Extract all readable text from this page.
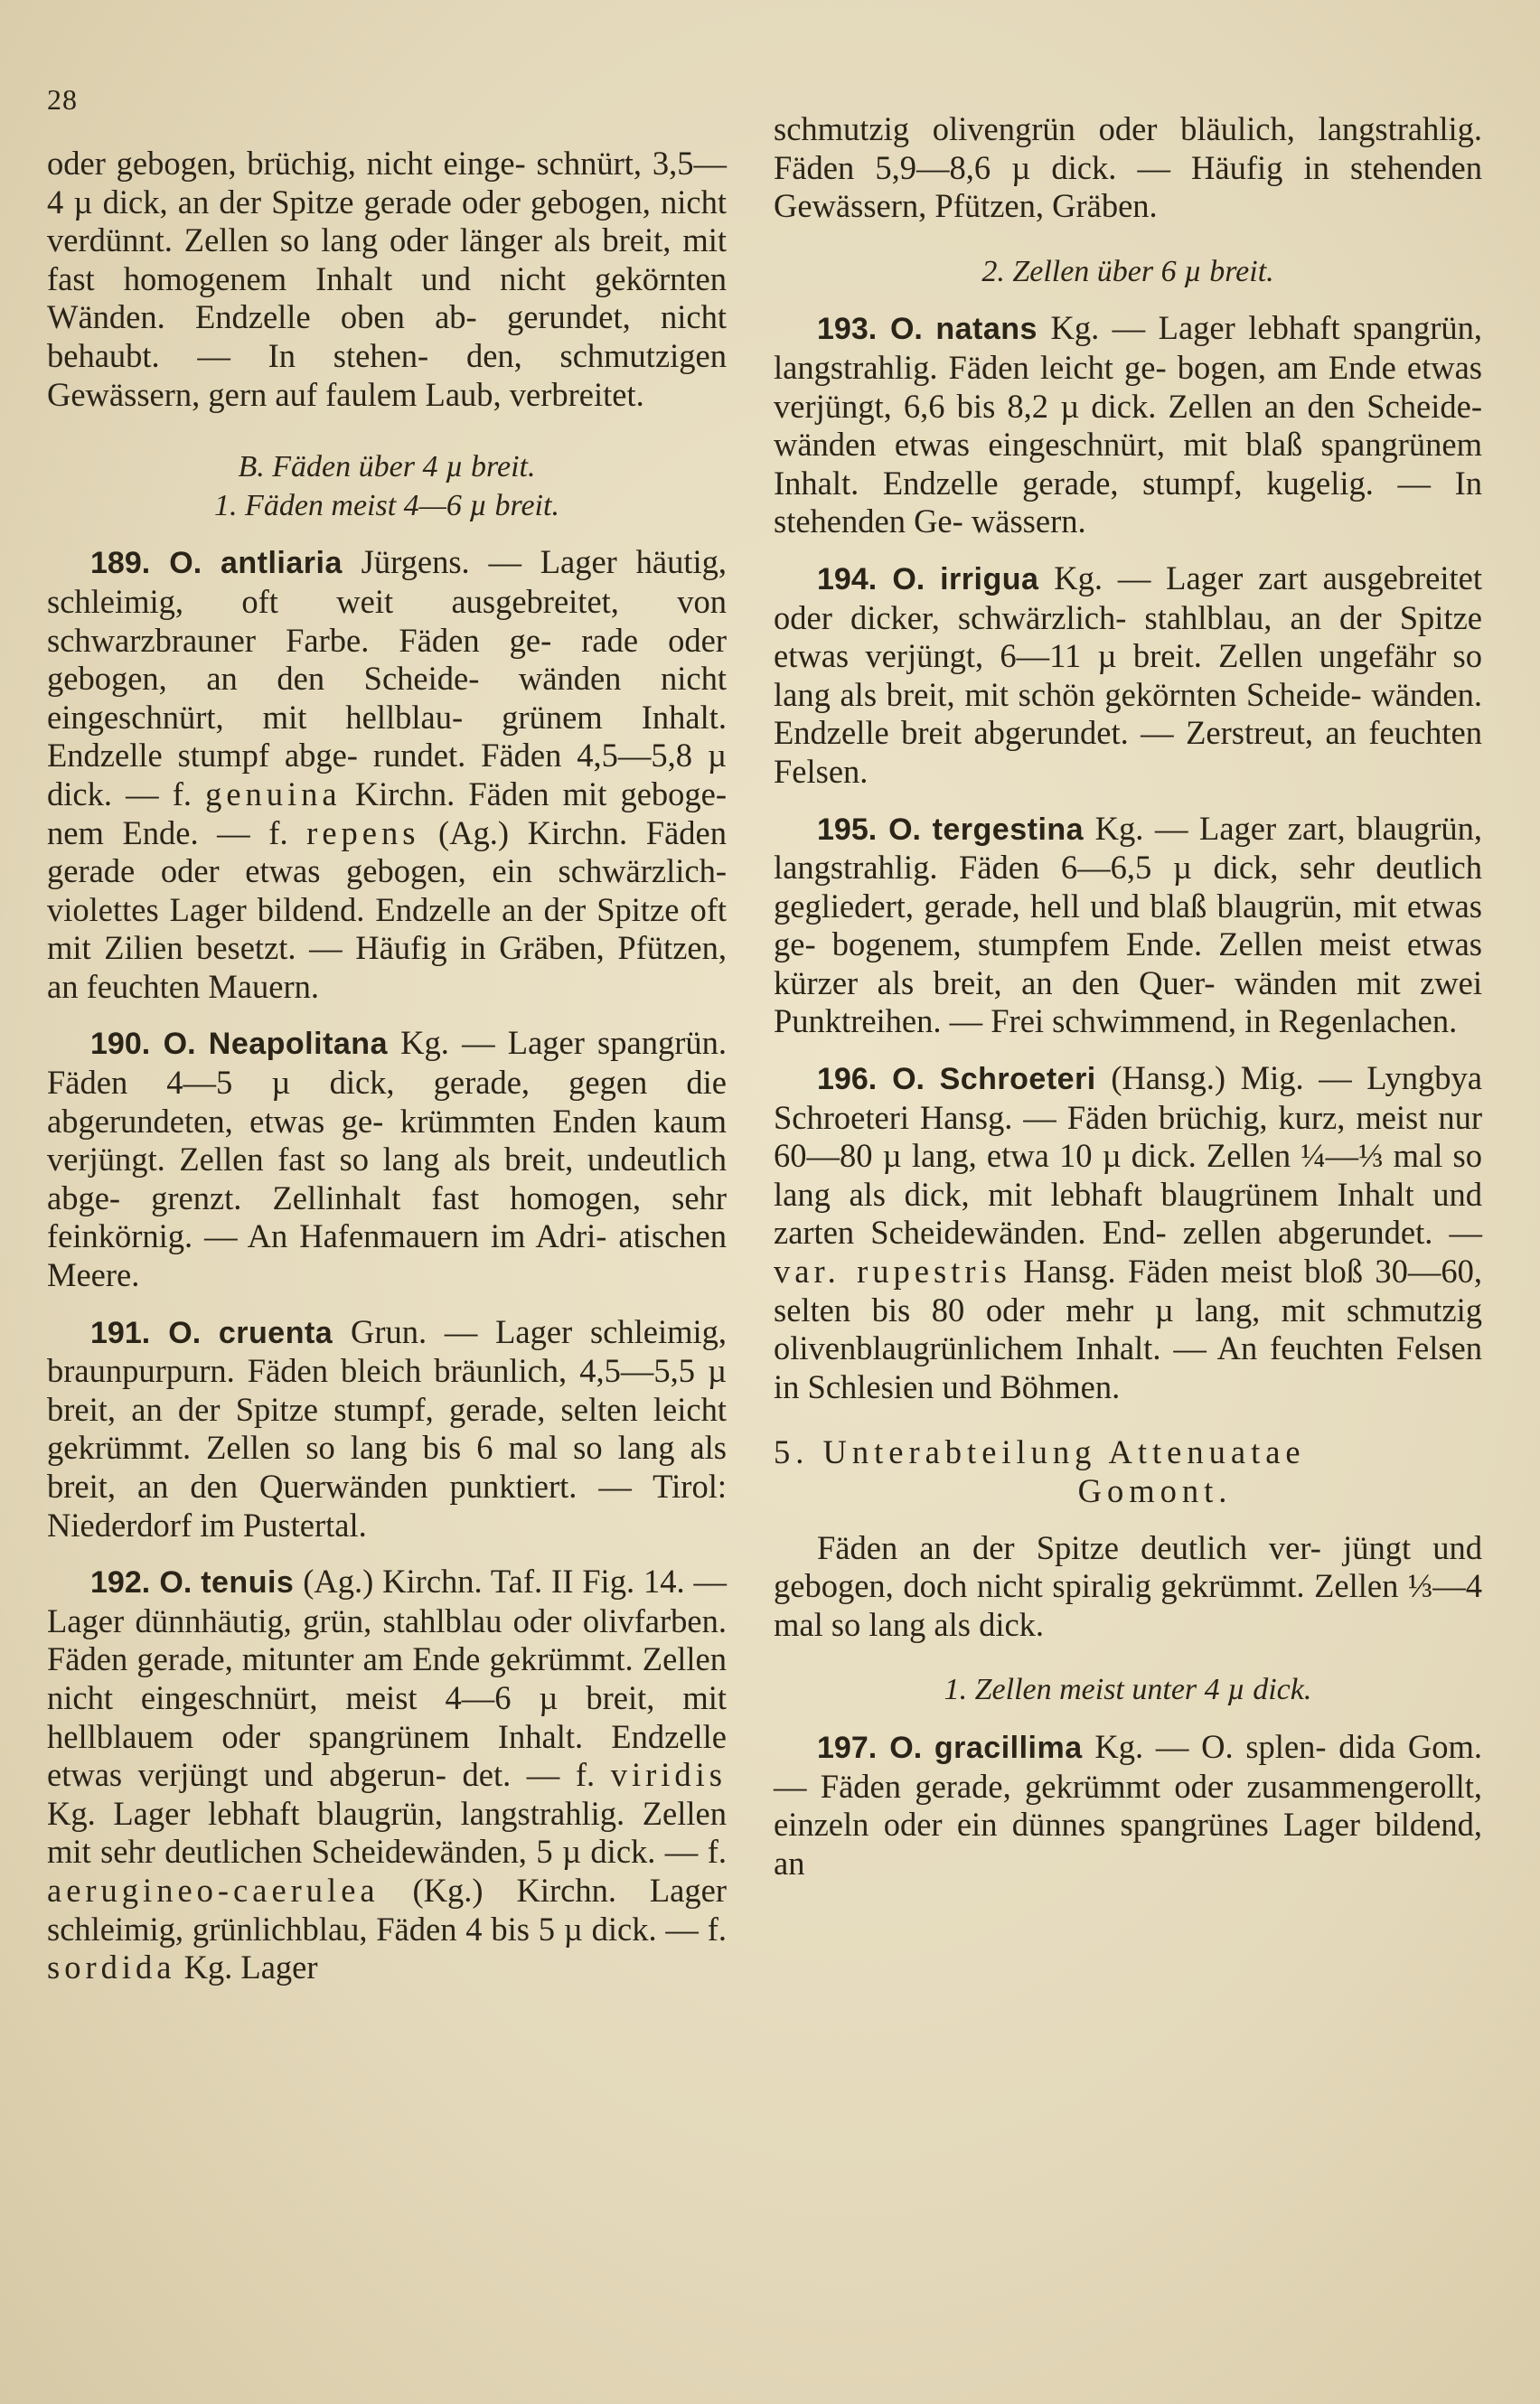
28

oder gebogen, brüchig, nicht einge- schnürt, 3,5—4 µ dick, an der Spitze gerade oder gebogen, nicht verdünnt. Zellen so lang oder länger als breit, mit fast homogenem Inhalt und nicht gekörnten Wänden. Endzelle oben ab- gerundet, nicht behaubt. — In stehen- den, schmutzigen Gewässern, gern auf faulem Laub, verbreitet.

B. Fäden über 4 µ breit.

1. Fäden meist 4—6 µ breit.

189. O. antliaria Jürgens. — Lager häutig, schleimig, oft weit ausgebreitet, von schwarzbrauner Farbe. Fäden ge- rade oder gebogen, an den Scheide- wänden nicht eingeschnürt, mit hellblau- grünem Inhalt. Endzelle stumpf abge- rundet. Fäden 4,5—5,8 µ dick. — f. genuina Kirchn. Fäden mit geboge- nem Ende. — f. repens (Ag.) Kirchn. Fäden gerade oder etwas gebogen, ein schwärzlich-violettes Lager bildend. Endzelle an der Spitze oft mit Zilien besetzt. — Häufig in Gräben, Pfützen, an feuchten Mauern.

190. O. Neapolitana Kg. — Lager spangrün. Fäden 4—5 µ dick, gerade, gegen die abgerundeten, etwas ge- krümmten Enden kaum verjüngt. Zellen fast so lang als breit, undeutlich abge- grenzt. Zellinhalt fast homogen, sehr feinkörnig. — An Hafenmauern im Adri- atischen Meere.

191. O. cruenta Grun. — Lager schleimig, braunpurpurn. Fäden bleich bräunlich, 4,5—5,5 µ breit, an der Spitze stumpf, gerade, selten leicht gekrümmt. Zellen so lang bis 6 mal so lang als breit, an den Querwänden punktiert. — Tirol: Niederdorf im Pustertal.

192. O. tenuis (Ag.) Kirchn. Taf. II Fig. 14. — Lager dünnhäutig, grün, stahlblau oder olivfarben. Fäden gerade, mitunter am Ende gekrümmt. Zellen nicht eingeschnürt, meist 4—6 µ breit, mit hellblauem oder spangrünem Inhalt. Endzelle etwas verjüngt und abgerun- det. — f. viridis Kg. Lager lebhaft blaugrün, langstrahlig. Zellen mit sehr deutlichen Scheidewänden, 5 µ dick. — f. aerugineo-caerulea (Kg.) Kirchn. Lager schleimig, grünlichblau, Fäden 4 bis 5 µ dick. — f. sordida Kg. Lager

schmutzig olivengrün oder bläulich, langstrahlig. Fäden 5,9—8,6 µ dick. — Häufig in stehenden Gewässern, Pfützen, Gräben.

2. Zellen über 6 µ breit.

193. O. natans Kg. — Lager lebhaft spangrün, langstrahlig. Fäden leicht ge- bogen, am Ende etwas verjüngt, 6,6 bis 8,2 µ dick. Zellen an den Scheide- wänden etwas eingeschnürt, mit blaß spangrünem Inhalt. Endzelle gerade, stumpf, kugelig. — In stehenden Ge- wässern.

194. O. irrigua Kg. — Lager zart ausgebreitet oder dicker, schwärzlich- stahlblau, an der Spitze etwas verjüngt, 6—11 µ breit. Zellen ungefähr so lang als breit, mit schön gekörnten Scheide- wänden. Endzelle breit abgerundet. — Zerstreut, an feuchten Felsen.

195. O. tergestina Kg. — Lager zart, blaugrün, langstrahlig. Fäden 6—6,5 µ dick, sehr deutlich gegliedert, gerade, hell und blaß blaugrün, mit etwas ge- bogenem, stumpfem Ende. Zellen meist etwas kürzer als breit, an den Quer- wänden mit zwei Punktreihen. — Frei schwimmend, in Regenlachen.

196. O. Schroeteri (Hansg.) Mig. — Lyngbya Schroeteri Hansg. — Fäden brüchig, kurz, meist nur 60—80 µ lang, etwa 10 µ dick. Zellen ¼—⅓ mal so lang als dick, mit lebhaft blaugrünem Inhalt und zarten Scheidewänden. End- zellen abgerundet. — var. rupestris Hansg. Fäden meist bloß 30—60, selten bis 80 oder mehr µ lang, mit schmutzig olivenblaugrünlichem Inhalt. — An feuchten Felsen in Schlesien und Böhmen.

5. Unterabteilung Attenuatae
Gomont.

Fäden an der Spitze deutlich ver- jüngt und gebogen, doch nicht spiralig gekrümmt. Zellen ⅓—4 mal so lang als dick.

1. Zellen meist unter 4 µ dick.

197. O. gracillima Kg. — O. splen- dida Gom. — Fäden gerade, gekrümmt oder zusammengerollt, einzeln oder ein dünnes spangrünes Lager bildend, an
